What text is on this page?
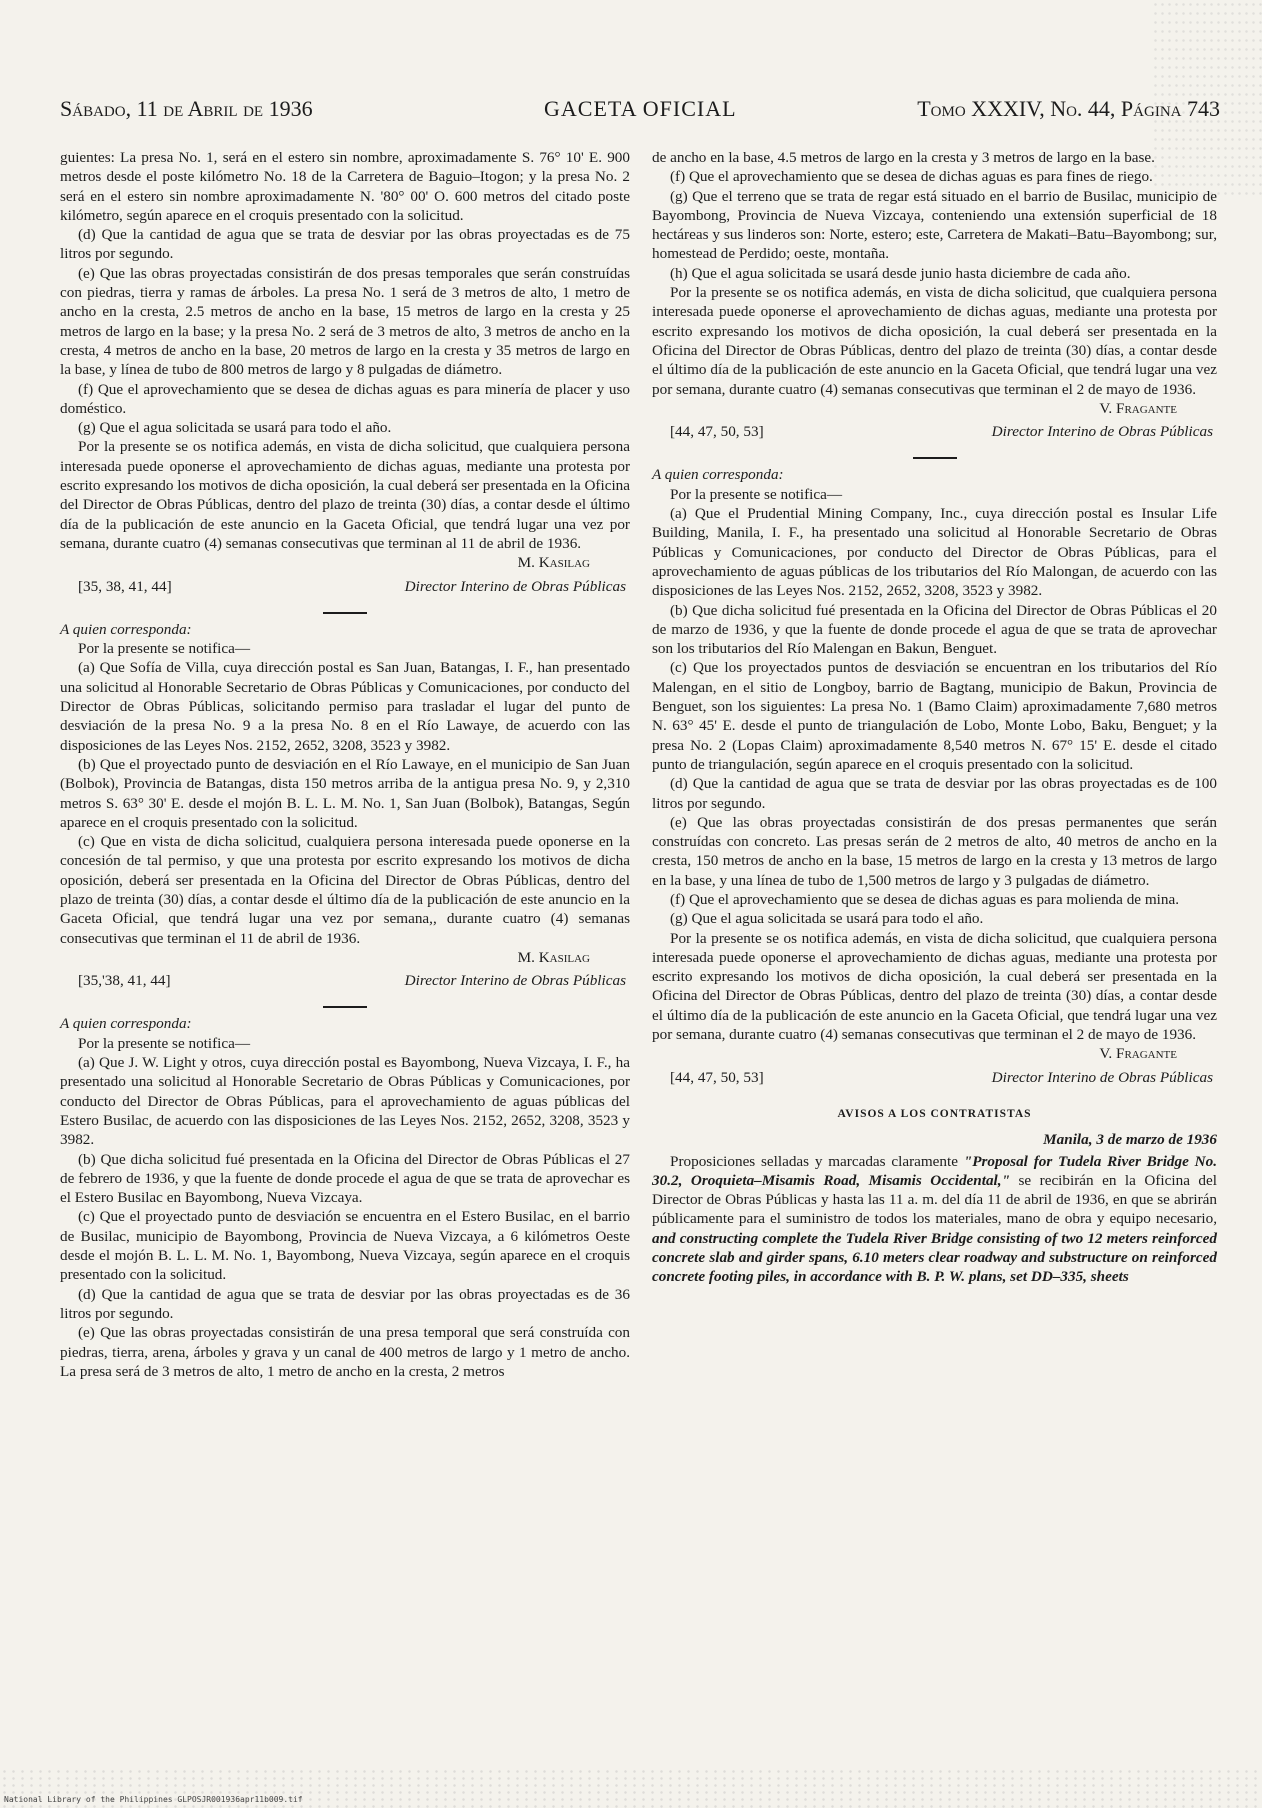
Sábado, 11 de Abril de 1936	GACETA OFICIAL	Tomo XXXIV, No. 44, Página 743

guientes: La presa No. 1, será en el estero sin nombre, aproximadamente S. 76° 10' E. 900 metros desde el poste kilómetro No. 18 de la Carretera de Baguio–Itogon; y la presa No. 2 será en el estero sin nombre aproximadamente N. '80° 00' O. 600 metros del citado poste kilómetro, según aparece en el croquis presentado con la solicitud.

(d) Que la cantidad de agua que se trata de desviar por las obras proyectadas es de 75 litros por segundo.

(e) Que las obras proyectadas consistirán de dos presas temporales que serán construídas con piedras, tierra y ramas de árboles. La presa No. 1 será de 3 metros de alto, 1 metro de ancho en la cresta, 2.5 metros de ancho en la base, 15 metros de largo en la cresta y 25 metros de largo en la base; y la presa No. 2 será de 3 metros de alto, 3 metros de ancho en la cresta, 4 metros de ancho en la base, 20 metros de largo en la cresta y 35 metros de largo en la base, y línea de tubo de 800 metros de largo y 8 pulgadas de diámetro.

(f) Que el aprovechamiento que se desea de dichas aguas es para minería de placer y uso doméstico.

(g) Que el agua solicitada se usará para todo el año.

Por la presente se os notifica además, en vista de dicha solicitud, que cualquiera persona interesada puede oponerse el aprovechamiento de dichas aguas, mediante una protesta por escrito expresando los motivos de dicha oposición, la cual deberá ser presentada en la Oficina del Director de Obras Públicas, dentro del plazo de treinta (30) días, a contar desde el último día de la publicación de este anuncio en la Gaceta Oficial, que tendrá lugar una vez por semana, durante cuatro (4) semanas consecutivas que terminan al 11 de abril de 1936.

M. Kasilag
[35, 38, 41, 44]	Director Interino de Obras Públicas

A quien corresponda:

Por la presente se notifica—

(a) Que Sofía de Villa, cuya dirección postal es San Juan, Batangas, I. F., han presentado una solicitud al Honorable Secretario de Obras Públicas y Comunicaciones, por conducto del Director de Obras Públicas, solicitando permiso para trasladar el lugar del punto de desviación de la presa No. 9 a la presa No. 8 en el Río Lawaye, de acuerdo con las disposiciones de las Leyes Nos. 2152, 2652, 3208, 3523 y 3982.

(b) Que el proyectado punto de desviación en el Río Lawaye, en el municipio de San Juan (Bolbok), Provincia de Batangas, dista 150 metros arriba de la antigua presa No. 9, y 2,310 metros S. 63° 30' E. desde el mojón B. L. L. M. No. 1, San Juan (Bolbok), Batangas, Según aparece en el croquis presentado con la solicitud.

(c) Que en vista de dicha solicitud, cualquiera persona interesada puede oponerse en la concesión de tal permiso, y que una protesta por escrito expresando los motivos de dicha oposición, deberá ser presentada en la Oficina del Director de Obras Públicas, dentro del plazo de treinta (30) días, a contar desde el último día de la publicación de este anuncio en la Gaceta Oficial, que tendrá lugar una vez por semana,, durante cuatro (4) semanas consecutivas que terminan el 11 de abril de 1936.

M. Kasilag
[35,'38, 41, 44]	Director Interino de Obras Públicas

A quien corresponda:

Por la presente se notifica—

(a) Que J. W. Light y otros, cuya dirección postal es Bayombong, Nueva Vizcaya, I. F., ha presentado una solicitud al Honorable Secretario de Obras Públicas y Comunicaciones, por conducto del Director de Obras Públicas, para el aprovechamiento de aguas públicas del Estero Busilac, de acuerdo con las disposiciones de las Leyes Nos. 2152, 2652, 3208, 3523 y 3982.

(b) Que dicha solicitud fué presentada en la Oficina del Director de Obras Públicas el 27 de febrero de 1936, y que la fuente de donde procede el agua de que se trata de aprovechar es el Estero Busilac en Bayombong, Nueva Vizcaya.

(c) Que el proyectado punto de desviación se encuentra en el Estero Busilac, en el barrio de Busilac, municipio de Bayombong, Provincia de Nueva Vizcaya, a 6 kilómetros Oeste desde el mojón B. L. L. M. No. 1, Bayombong, Nueva Vizcaya, según aparece en el croquis presentado con la solicitud.

(d) Que la cantidad de agua que se trata de desviar por las obras proyectadas es de 36 litros por segundo.

(e) Que las obras proyectadas consistirán de una presa temporal que será construída con piedras, tierra, arena, árboles y grava y un canal de 400 metros de largo y 1 metro de ancho. La presa será de 3 metros de alto, 1 metro de ancho en la cresta, 2 metros

de ancho en la base, 4.5 metros de largo en la cresta y 3 metros de largo en la base.

(f) Que el aprovechamiento que se desea de dichas aguas es para fines de riego.

(g) Que el terreno que se trata de regar está situado en el barrio de Busilac, municipio de Bayombong, Provincia de Nueva Vizcaya, conteniendo una extensión superficial de 18 hectáreas y sus linderos son: Norte, estero; este, Carretera de Makati–Batu–Bayombong; sur, homestead de Perdido; oeste, montaña.

(h) Que el agua solicitada se usará desde junio hasta diciembre de cada año.

Por la presente se os notifica además, en vista de dicha solicitud, que cualquiera persona interesada puede oponerse el aprovechamiento de dichas aguas, mediante una protesta por escrito expresando los motivos de dicha oposición, la cual deberá ser presentada en la Oficina del Director de Obras Públicas, dentro del plazo de treinta (30) días, a contar desde el último día de la publicación de este anuncio en la Gaceta Oficial, que tendrá lugar una vez por semana, durante cuatro (4) semanas consecutivas que terminan el 2 de mayo de 1936.

V. Fragante
[44, 47, 50, 53]	Director Interino de Obras Públicas

A quien corresponda:

Por la presente se notifica—

(a) Que el Prudential Mining Company, Inc., cuya dirección postal es Insular Life Building, Manila, I. F., ha presentado una solicitud al Honorable Secretario de Obras Públicas y Comunicaciones, por conducto del Director de Obras Públicas, para el aprovechamiento de aguas públicas de los tributarios del Río Malongan, de acuerdo con las disposiciones de las Leyes Nos. 2152, 2652, 3208, 3523 y 3982.

(b) Que dicha solicitud fué presentada en la Oficina del Director de Obras Públicas el 20 de marzo de 1936, y que la fuente de donde procede el agua de que se trata de aprovechar son los tributarios del Río Malengan en Bakun, Benguet.

(c) Que los proyectados puntos de desviación se encuentran en los tributarios del Río Malengan, en el sitio de Longboy, barrio de Bagtang, municipio de Bakun, Provincia de Benguet, son los siguientes: La presa No. 1 (Bamo Claim) aproximadamente 7,680 metros N. 63° 45' E. desde el punto de triangulación de Lobo, Monte Lobo, Baku, Benguet; y la presa No. 2 (Lopas Claim) aproximadamente 8,540 metros N. 67° 15' E. desde el citado punto de triangulación, según aparece en el croquis presentado con la solicitud.

(d) Que la cantidad de agua que se trata de desviar por las obras proyectadas es de 100 litros por segundo.

(e) Que las obras proyectadas consistirán de dos presas permanentes que serán construídas con concreto. Las presas serán de 2 metros de alto, 40 metros de ancho en la cresta, 150 metros de ancho en la base, 15 metros de largo en la cresta y 13 metros de largo en la base, y una línea de tubo de 1,500 metros de largo y 3 pulgadas de diámetro.

(f) Que el aprovechamiento que se desea de dichas aguas es para molienda de mina.

(g) Que el agua solicitada se usará para todo el año.

Por la presente se os notifica además, en vista de dicha solicitud, que cualquiera persona interesada puede oponerse el aprovechamiento de dichas aguas, mediante una protesta por escrito expresando los motivos de dicha oposición, la cual deberá ser presentada en la Oficina del Director de Obras Públicas, dentro del plazo de treinta (30) días, a contar desde el último día de la publicación de este anuncio en la Gaceta Oficial, que tendrá lugar una vez por semana, durante cuatro (4) semanas consecutivas que terminan el 2 de mayo de 1936.

V. Fragante
[44, 47, 50, 53]	Director Interino de Obras Públicas
AVISOS A LOS CONTRATISTAS
Manila, 3 de marzo de 1936

Proposiciones selladas y marcadas claramente "Proposal for Tudela River Bridge No. 30.2, Oroquieta–Misamis Road, Misamis Occidental," se recibirán en la Oficina del Director de Obras Públicas y hasta las 11 a. m. del día 11 de abril de 1936, en que se abrirán públicamente para el suministro de todos los materiales, mano de obra y equipo necesario, and constructing complete the Tudela River Bridge consisting of two 12 meters reinforced concrete slab and girder spans, 6.10 meters clear roadway and substructure on reinforced concrete footing piles, in accordance with B. P. W. plans, set DD–335, sheets

National Library of the Philippines GLPOSJR001936apr11b009.tif
